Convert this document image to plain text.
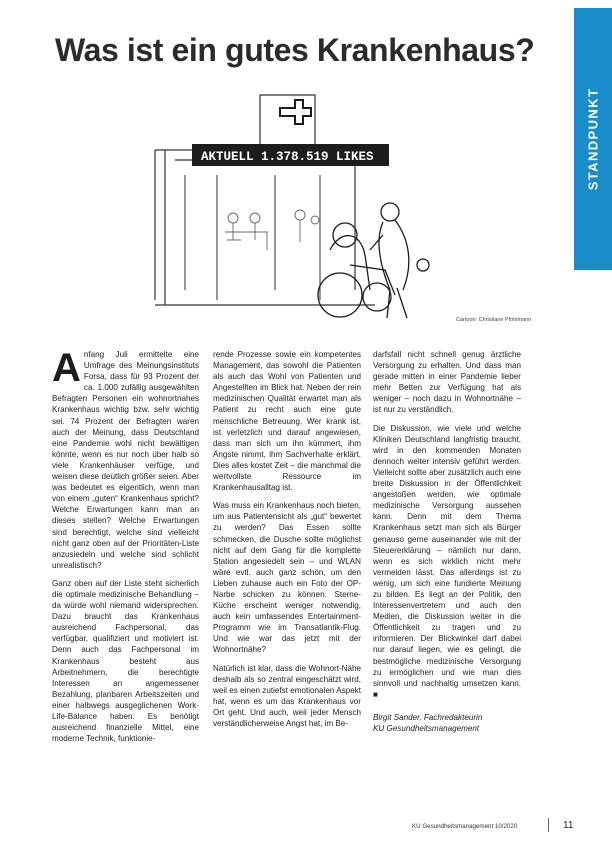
Was ist ein gutes Krankenhaus?
STANDPUNKT
AKTUELL 1.378.519 LIKES
Cartoon: Christiane Pfohlmann

Anfang Juli ermittelte eine Umfrage des Meinungsinstituts Forsa, dass für 93 Prozent der ca. 1.000 zufällig ausgewählten Befragten Personen ein wohnortnahes Krankenhaus wichtig bzw. sehr wichtig sei. 74 Prozent der Befragten waren auch der Meinung, dass Deutschland eine Pandemie wohl nicht bewältigen könnte, wenn es nur noch über halb so viele Krankenhäuser verfüge, und weisen diese deutlich größer seien. Aber was bedeutet es eigentlich, wenn man von einem „guten“ Krankenhaus spricht? Welche Erwartungen kann man an dieses stellen? Welche Erwartungen sind berechtigt, welche sind vielleicht nicht ganz oben auf der Prioritäten-Liste anzusiedeln und welche sind schlicht unrealistisch?

Ganz oben auf der Liste steht sicherlich die optimale medizinische Behandlung – da würde wohl niemand widersprechen. Dazu braucht das Krankenhaus ausreichend Fachpersonal, das verfügbar, qualifiziert und motiviert ist. Denn auch das Fachpersonal im Krankenhaus besteht aus Arbeitnehmern, die berechtigte Interessen an angemessener Bezahlung, planbaren Arbeitszeiten und einer halbwegs ausgeglichenen Work-Life-Balance haben. Es benötigt ausreichend finanzielle Mittel, eine moderne Technik, funktionie-

rende Prozesse sowie ein kompetentes Management, das sowohl die Patienten als auch das Wohl von Patienten und Angestellten im Blick hat. Neben der rein medizinischen Qualität erwartet man als Patient zu recht auch eine gute menschliche Betreuung. Wer krank ist, ist verletzlich und darauf angewiesen, dass man sich um ihn kümmert, ihm Ängste nimmt, ihm Sachverhalte erklärt. Dies alles kostet Zeit – die manchmal die wertvollste Ressource im Krankenhausalltag ist.

Was muss ein Krankenhaus noch bieten, um aus Patientensicht als „gut“ bewertet zu werden? Das Essen sollte schmecken, die Dusche sollte möglichst nicht auf dem Gang für die komplette Station angesiedelt sein – und WLAN wäre evtl. auch ganz schön, um den Lieben zuhause auch ein Foto der OP-Narbe schicken zu können. Sterne-Küche erscheint weniger notwendig, auch kein umfassendes Entertainment-Programm wie im Transatlantik-Flug. Und wie war das jetzt mit der Wohnortnähe?

Natürlich ist klar, dass die Wohnort-Nähe deshalb als so zentral eingeschätzt wird, weil es einen zutiefst emotionalen Aspekt hat, wenn es um das Krankenhaus vor Ort geht. Und auch, weil jeder Mensch verständlicherweise Angst hat, im Be-

darfsfall nicht schnell genug ärztliche Versorgung zu erhalten. Und dass man gerade mitten in einer Pandemie lieber mehr Betten zur Verfügung hat als weniger – noch dazu in Wohnortnähe – ist nur zu verständlich.

Die Diskussion, wie viele und welche Kliniken Deutschland langfristig braucht, wird in den kommenden Monaten dennoch weiter intensiv geführt werden. Vielleicht sollte aber zusätzlich auch eine breite Diskussion in der Öffentlichkeit angestoßen werden, wie optimale medizinische Versorgung aussehen kann. Denn mit dem Thema Krankenhaus setzt man sich als Bürger genauso gerne auseinander wie mit der Steuererklärung – nämlich nur dann, wenn es sich wirklich nicht mehr vermeiden lässt. Das allerdings ist zu wenig, um sich eine fundierte Meinung zu bilden. Es liegt an der Politik, den Interessenvertretern und auch den Medien, die Diskussion weiter in die Öffentlichkeit zu tragen und zu informieren. Der Blickwinkel darf dabei nur darauf liegen, wie es gelingt, die bestmögliche medizinische Versorgung zu ermöglichen und wie man dies sinnvoll und nachhaltig umsetzen kann. ■

Birgit Sander, Fachredakteurin

KU Gesundheitsmanagement

KU Gesundheitsmanagement 10/2020	11
